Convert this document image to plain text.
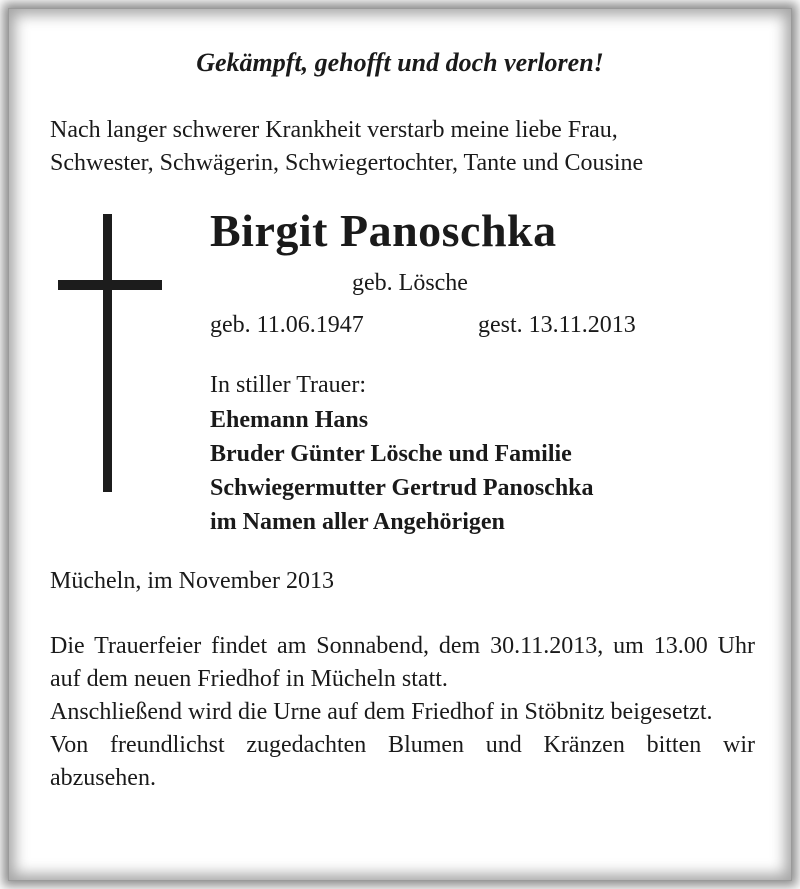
Gekämpft, gehofft und doch verloren!
Nach langer schwerer Krankheit verstarb meine liebe Frau,
Schwester, Schwägerin, Schwiegertochter, Tante und Cousine
Birgit Panoschka
geb. Lösche
geb. 11.06.1947	gest. 13.11.2013
In stiller Trauer:
Ehemann Hans
Bruder Günter Lösche und Familie
Schwiegermutter Gertrud Panoschka
im Namen aller Angehörigen
Mücheln, im November 2013

Die Trauerfeier findet am Sonnabend, dem 30.11.2013, um 13.00 Uhr auf dem neuen Friedhof in Mücheln statt.

Anschließend wird die Urne auf dem Friedhof in Stöbnitz beigesetzt.

Von freundlichst zugedachten Blumen und Kränzen bitten wir abzusehen.
